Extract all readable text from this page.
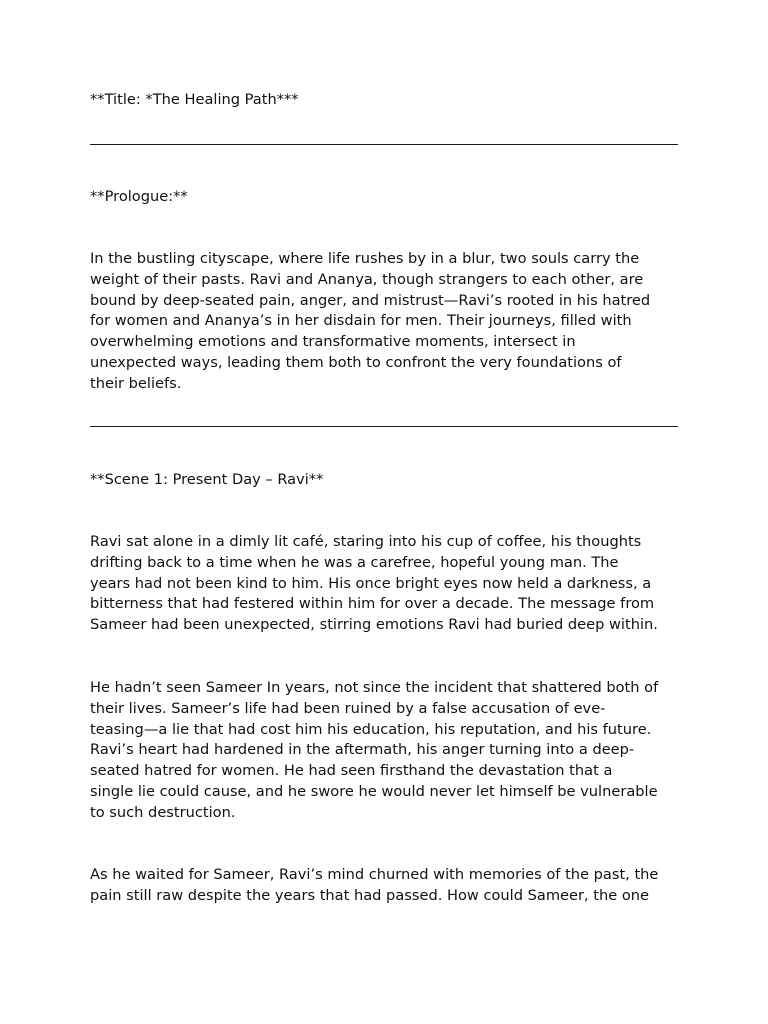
**Title: *The Healing Path***

**Prologue:**

In the bustling cityscape, where life rushes by in a blur, two souls carry the
weight of their pasts. Ravi and Ananya, though strangers to each other, are
bound by deep-seated pain, anger, and mistrust—Ravi’s rooted in his hatred
for women and Ananya’s in her disdain for men. Their journeys, filled with
overwhelming emotions and transformative moments, intersect in
unexpected ways, leading them both to confront the very foundations of
their beliefs.

**Scene 1: Present Day – Ravi**

Ravi sat alone in a dimly lit café, staring into his cup of coffee, his thoughts
drifting back to a time when he was a carefree, hopeful young man. The
years had not been kind to him. His once bright eyes now held a darkness, a
bitterness that had festered within him for over a decade. The message from
Sameer had been unexpected, stirring emotions Ravi had buried deep within.
He hadn’t seen Sameer In years, not since the incident that shattered both of
their lives. Sameer’s life had been ruined by a false accusation of eve-
teasing—a lie that had cost him his education, his reputation, and his future.
Ravi’s heart had hardened in the aftermath, his anger turning into a deep-
seated hatred for women. He had seen firsthand the devastation that a
single lie could cause, and he swore he would never let himself be vulnerable
to such destruction.
As he waited for Sameer, Ravi’s mind churned with memories of the past, the
pain still raw despite the years that had passed. How could Sameer, the one
